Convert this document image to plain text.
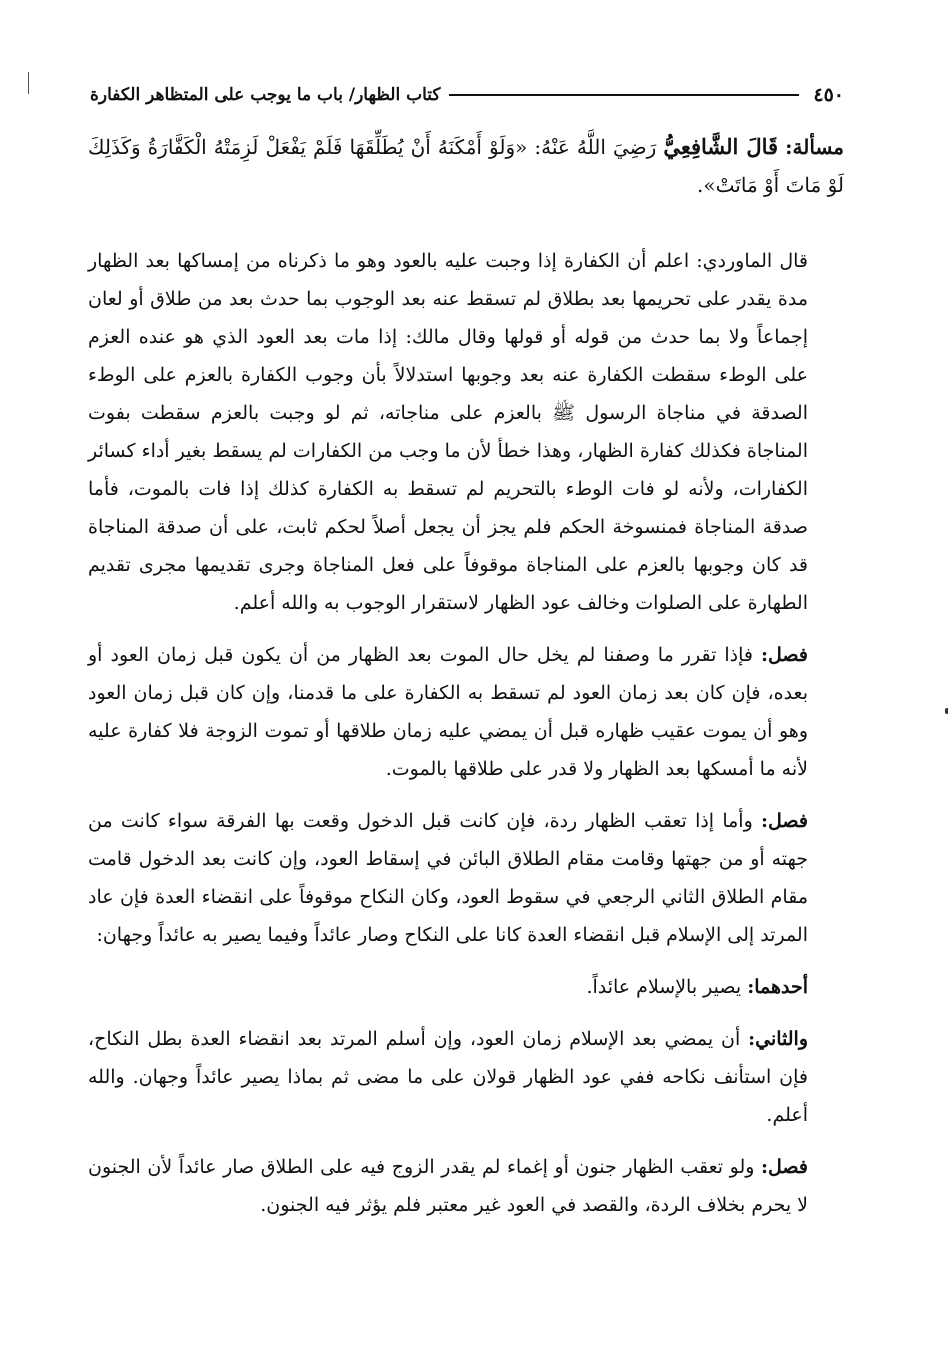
٤٥٠
كتاب الظهار/ باب ما يوجب على المتظاهر الكفارة

مسألة: قَالَ الشَّافِعِيُّ رَضِيَ اللَّهُ عَنْهُ: «وَلَوْ أَمْكَنَهُ أَنْ يُطَلِّقَهَا فَلَمْ يَفْعَلْ لَزِمَتْهُ الْكَفَّارَةُ وَكَذَلِكَ لَوْ مَاتَ أَوْ مَاتَتْ».

قال الماوردي: اعلم أن الكفارة إذا وجبت عليه بالعود وهو ما ذكرناه من إمساكها بعد الظهار مدة يقدر على تحريمها بعد بطلاق لم تسقط عنه بعد الوجوب بما حدث بعد من طلاق أو لعان إجماعاً ولا بما حدث من قوله أو قولها وقال مالك: إذا مات بعد العود الذي هو عنده العزم على الوطء سقطت الكفارة عنه بعد وجوبها استدلالاً بأن وجوب الكفارة بالعزم على الوطء الصدقة في مناجاة الرسول ﷺ بالعزم على مناجاته، ثم لو وجبت بالعزم سقطت بفوت المناجاة فكذلك كفارة الظهار، وهذا خطأ لأن ما وجب من الكفارات لم يسقط بغير أداء كسائر الكفارات، ولأنه لو فات الوطء بالتحريم لم تسقط به الكفارة كذلك إذا فات بالموت، فأما صدقة المناجاة فمنسوخة الحكم فلم يجز أن يجعل أصلاً لحكم ثابت، على أن صدقة المناجاة قد كان وجوبها بالعزم على المناجاة موقوفاً على فعل المناجاة وجرى تقديمها مجرى تقديم الطهارة على الصلوات وخالف عود الظهار لاستقرار الوجوب به والله أعلم.

فصل: فإذا تقرر ما وصفنا لم يخل حال الموت بعد الظهار من أن يكون قبل زمان العود أو بعده، فإن كان بعد زمان العود لم تسقط به الكفارة على ما قدمنا، وإن كان قبل زمان العود وهو أن يموت عقيب ظهاره قبل أن يمضي عليه زمان طلاقها أو تموت الزوجة فلا كفارة عليه لأنه ما أمسكها بعد الظهار ولا قدر على طلاقها بالموت.

فصل: وأما إذا تعقب الظهار ردة، فإن كانت قبل الدخول وقعت بها الفرقة سواء كانت من جهته أو من جهتها وقامت مقام الطلاق البائن في إسقاط العود، وإن كانت بعد الدخول قامت مقام الطلاق الثاني الرجعي في سقوط العود، وكان النكاح موقوفاً على انقضاء العدة فإن عاد المرتد إلى الإسلام قبل انقضاء العدة كانا على النكاح وصار عائداً وفيما يصير به عائداً وجهان:

أحدهما: يصير بالإسلام عائداً.

والثاني: أن يمضي بعد الإسلام زمان العود، وإن أسلم المرتد بعد انقضاء العدة بطل النكاح، فإن استأنف نكاحه ففي عود الظهار قولان على ما مضى ثم بماذا يصير عائداً وجهان. والله أعلم.

فصل: ولو تعقب الظهار جنون أو إغماء لم يقدر الزوج فيه على الطلاق صار عائداً لأن الجنون لا يحرم بخلاف الردة، والقصد في العود غير معتبر فلم يؤثر فيه الجنون.
